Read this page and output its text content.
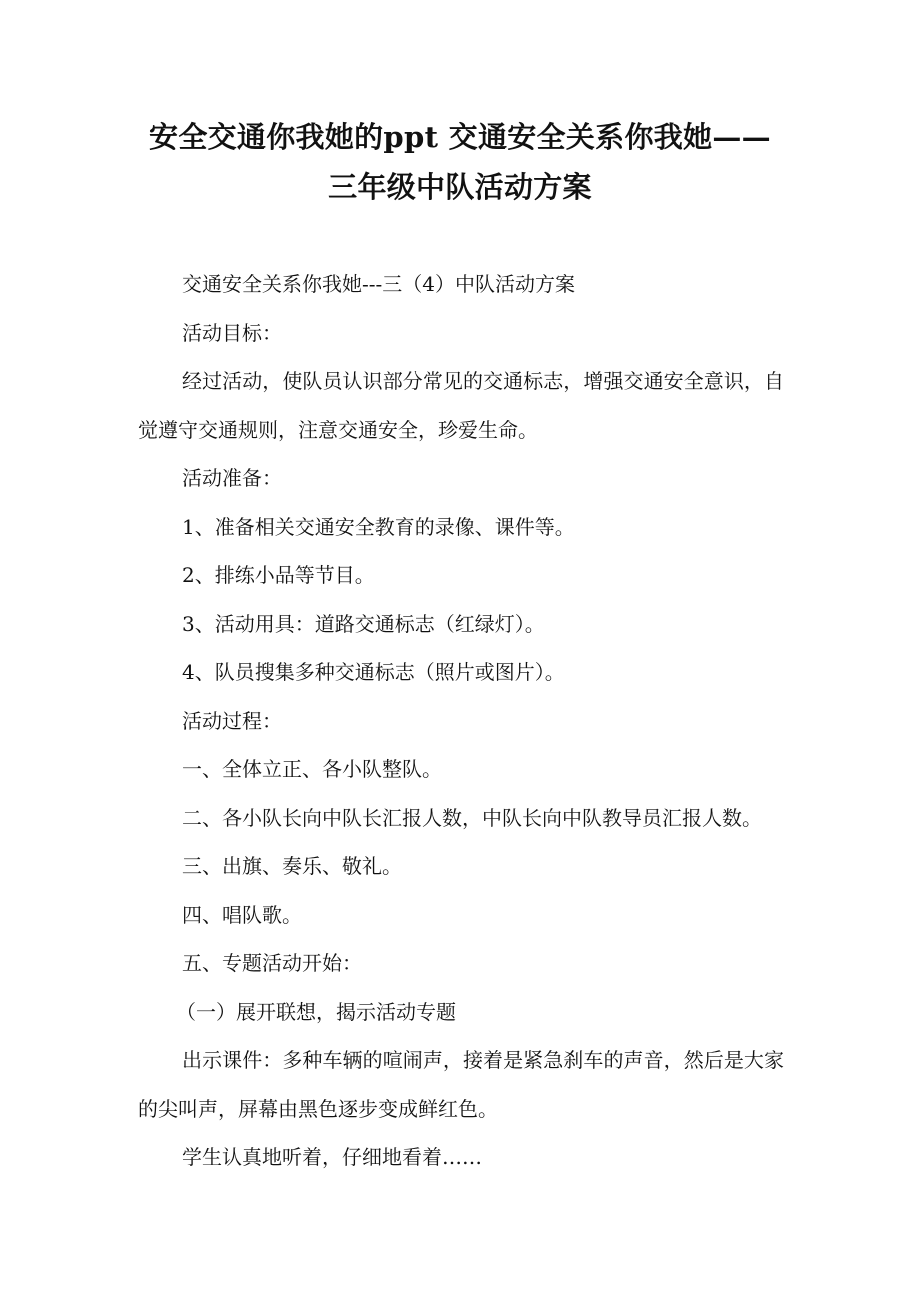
安全交通你我她的ppt 交通安全关系你我她——三年级中队活动方案

交通安全关系你我她---三（4）中队活动方案

活动目标：

经过活动，使队员认识部分常见的交通标志，增强交通安全意识，自觉遵守交通规则，注意交通安全，珍爱生命。

活动准备：

1、准备相关交通安全教育的录像、课件等。

2、排练小品等节目。

3、活动用具：道路交通标志（红绿灯）。

4、队员搜集多种交通标志（照片或图片）。

活动过程：

一、全体立正、各小队整队。

二、各小队长向中队长汇报人数，中队长向中队教导员汇报人数。

三、出旗、奏乐、敬礼。

四、唱队歌。

五、专题活动开始：

（一）展开联想，揭示活动专题

出示课件：多种车辆的喧闹声，接着是紧急刹车的声音，然后是大家的尖叫声，屏幕由黑色逐步变成鲜红色。

学生认真地听着，仔细地看着……
